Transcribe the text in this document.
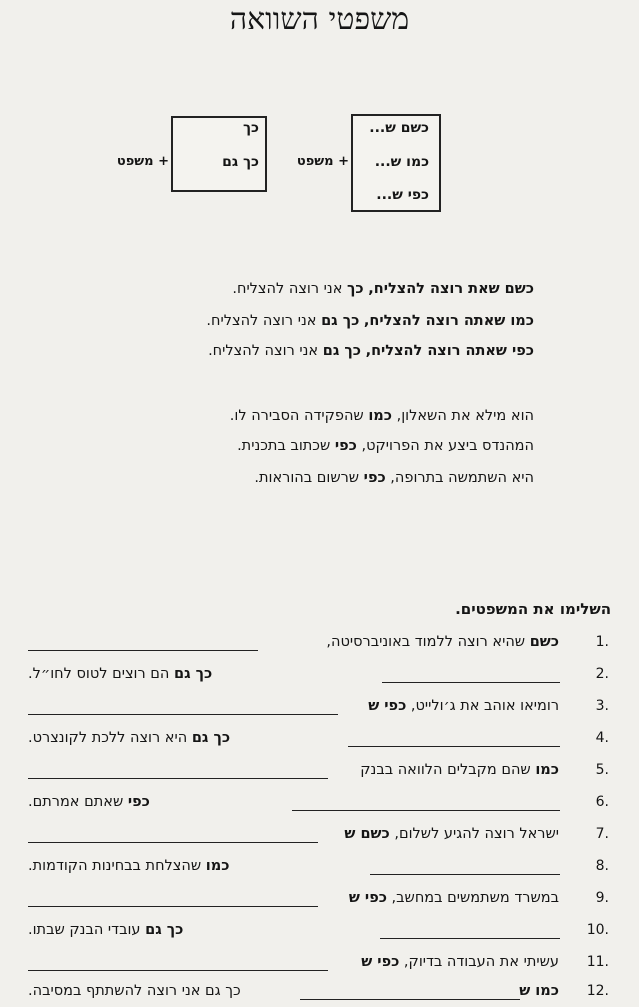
משפטי השוואה
כשם ש...
כמו ש...
כפי ש...
+ משפט
כך
כך גם
+ משפט
כשם שאת רוצה להצליח, כך אני רוצה להצליח.
כמו שאתה רוצה להצליח, כך גם אני רוצה להצליח.
כפי שאתה רוצה להצליח, כך גם אני רוצה להצליח.
הוא מילא את השאלון, כמו שהפקידה הסבירה לו.
המהנדס ביצע את הפרויקט, כפי שכתוב בתכנית.
היא השתמשה בתרופה, כפי שרשום בהוראות.
השלימו את המשפטים.
1.
כשם שהיא רוצה ללמוד באוניברסיטה,
2.
כך גם הם רוצים לטוס לחו״ל.
3.
רומיאו אוהב את ג׳ולייט, כפי ש
4.
כך גם היא רוצה ללכת לקונצרט.
5.
כמו שהם מקבלים הלוואה בבנק
6.
כפי שאתם אמרתם.
7.
ישראל רוצה להגיע לשלום, כשם ש
8.
כמו שהצלחת בבחינות הקודמות.
9.
במשרד משתמשים במחשב, כפי ש
10.
כך גם עובדי הבנק שבתו.
11.
עשיתי את העבודה בדיוק, כפי ש
12.
כמו ש
כך גם אני רוצה להשתתף במסיבה.
